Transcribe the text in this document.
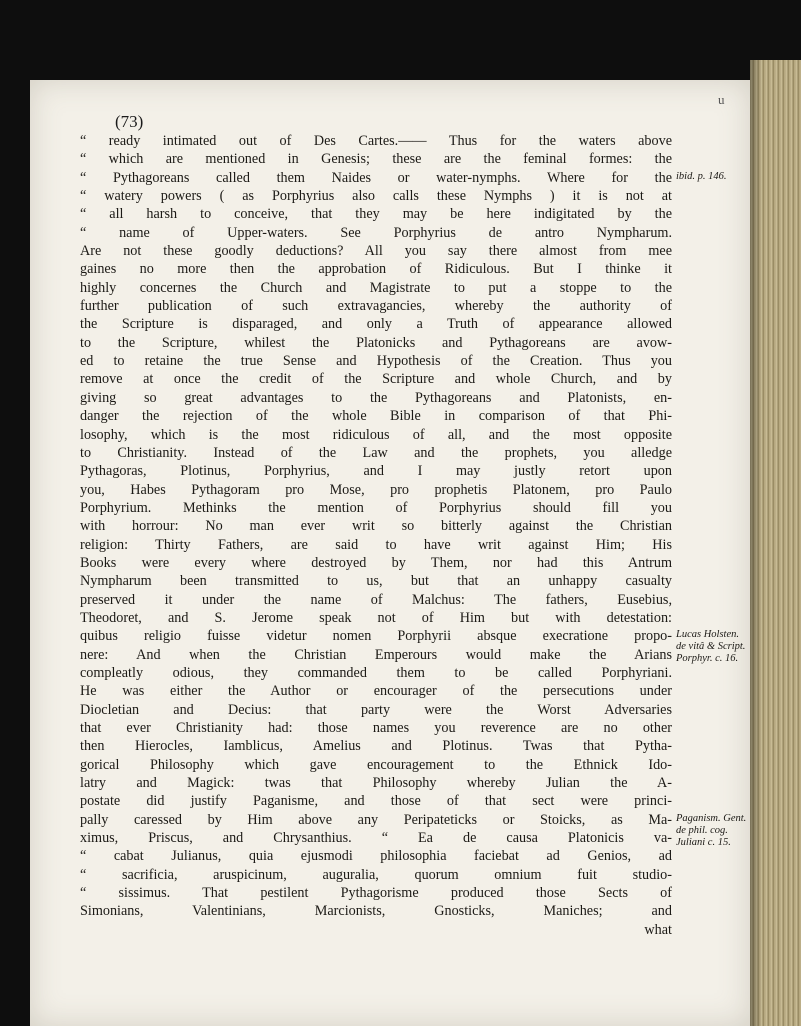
(73)
u
“ ready intimated out of Des Cartes.—— Thus for the waters above
“ which are mentioned in Genesis; these are the feminal formes: the
“ Pythagoreans called them Naides or water-nymphs. Where for the
“ watery powers ( as Porphyrius also calls these Nymphs ) it is not at
“ all harsh to conceive, that they may be here indigitated by the
“ name of Upper-waters. See Porphyrius de antro Nympharum.
Are not these goodly deductions? All you say there almost from mee
gaines no more then the approbation of Ridiculous. But I thinke it
highly concernes the Church and Magistrate to put a stoppe to the
further publication of such extravagancies, whereby the authority of
the Scripture is disparaged, and only a Truth of appearance allowed
to the Scripture, whilest the Platonicks and Pythagoreans are avow-
ed to retaine the true Sense and Hypothesis of the Creation. Thus you
remove at once the credit of the Scripture and whole Church, and by
giving so great advantages to the Pythagoreans and Platonists, en-
danger the rejection of the whole Bible in comparison of that Phi-
losophy, which is the most ridiculous of all, and the most opposite
to Christianity. Instead of the Law and the prophets, you alledge
Pythagoras, Plotinus, Porphyrius, and I may justly retort upon
you, Habes Pythagoram pro Mose, pro prophetis Platonem, pro Paulo
Porphyrium. Methinks the mention of Porphyrius should fill you
with horrour: No man ever writ so bitterly against the Christian
religion: Thirty Fathers, are said to have writ against Him; His
Books were every where destroyed by Them, nor had this Antrum
Nympharum been transmitted to us, but that an unhappy casualty
preserved it under the name of Malchus: The fathers, Eusebius,
Theodoret, and S. Jerome speak not of Him but with detestation:
quibus religio fuisse videtur nomen Porphyrii absque execratione propo-
nere: And when the Christian Emperours would make the Arians
compleatly odious, they commanded them to be called Porphyriani.
He was either the Author or encourager of the persecutions under
Diocletian and Decius: that party were the Worst Adversaries
that ever Christianity had: those names you reverence are no other
then Hierocles, Iamblicus, Amelius and Plotinus. Twas that Pytha-
gorical Philosophy which gave encouragement to the Ethnick Ido-
latry and Magick: twas that Philosophy whereby Julian the A-
postate did justify Paganisme, and those of that sect were princi-
pally caressed by Him above any Peripateticks or Stoicks, as Ma-
ximus, Priscus, and Chrysanthius. “ Ea de causa Platonicis va-
“ cabat Julianus, quia ejusmodi philosophia faciebat ad Genios, ad
“ sacrificia, aruspicinum, auguralia, quorum omnium fuit studio-
“ sissimus. That pestilent Pythagorisme produced those Sects of
Simonians, Valentinians, Marcionists, Gnosticks, Maniches; and
what
ibid. p. 146.
Lucas Holsten. de vitâ & Script. Porphyr. c. 16.
Paganism. Gent. de phil. cog. Juliani c. 15.
